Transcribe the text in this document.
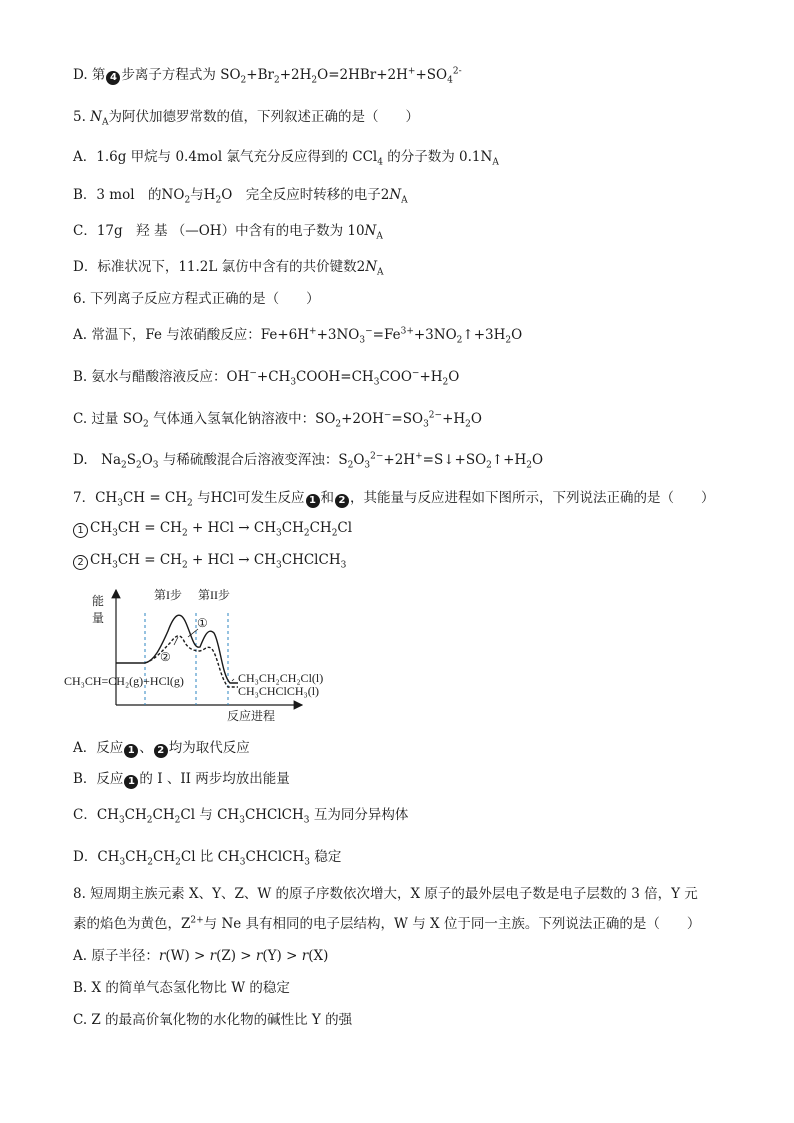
D. 第 4 步离子方程式为 $SO_2+Br_2+2H_2O=2HBr+2H^++SO_4^{2-}$
5. $N_A$为阿伏加德罗常数的值，下列叙述正确的是（　　）
A．1.6g 甲烷与 0.4mol 氯气充分反应得到的 CCl$_4$ 的分子数为 $0.1N_A$
B．3 mol　的$NO_2$与$H_2O$　完全反应时转移的电子$2N_A$
C．17g　羟 基 （—OH）中含有的电子数为 $10N_A$
D．标准状况下，11.2L 氯仿中含有的共价键数$2N_A$
6. 下列离子反应方程式正确的是（　　）
A. 常温下，Fe 与浓硝酸反应：$Fe+6H^++3NO_3^-=Fe^{3+}+3NO_2↑+3H_2O$
B. 氨水与醋酸溶液反应：$OH^-+CH_3COOH=CH_3COO^-+H_2O$
C. 过量 $SO_2$ 气体通入氢氧化钠溶液中：$SO_2+2OH^-=SO_3^{2-}+H_2O$
D.　$Na_2S_2O_3$ 与稀硫酸混合后溶液变浑浊：$S_2O_3^{2-}+2H^+=S↓+SO_2↑+H_2O$
7．$CH_3CH = CH_2$ 与HCl可发生反应 1 和 2 ，其能量与反应进程如下图所示，下列说法正确的是（　　）
1 $CH_3CH = CH_2$ + HCl → $CH_3CH_2CH_2Cl$
2 $CH_3CH = CH_2$ + HCl → $CH_3CHClCH_3$
能
量
反应进程
第I步 第II步
①
②
CH₃CH=CH₂(g)+HCl(g)	CH₃CH₂CH₂Cl(l)
CH₃CHClCH₃(l)
A．反应 1 、 2 均为取代反应
B．反应 1 的 I 、II 两步均放出能量
C．$CH_3CH_2CH_2Cl$ 与 $CH_3CHClCH_3$ 互为同分异构体
D．$CH_3CH_2CH_2Cl$ 比 $CH_3CHClCH_3$ 稳定
8. 短周期主族元素 X、Y、Z、W 的原子序数依次增大，X 原子的最外层电子数是电子层数的 3 倍，Y 元
素的焰色为黄色，$Z^{2+}$与 Ne 具有相同的电子层结构，W 与 X 位于同一主族。下列说法正确的是（　　）
A. 原子半径：r(W) > r(Z) > r(Y) > r(X)
B. X 的简单气态氢化物比 W 的稳定
C. Z 的最高价氧化物的水化物的碱性比 Y 的强
